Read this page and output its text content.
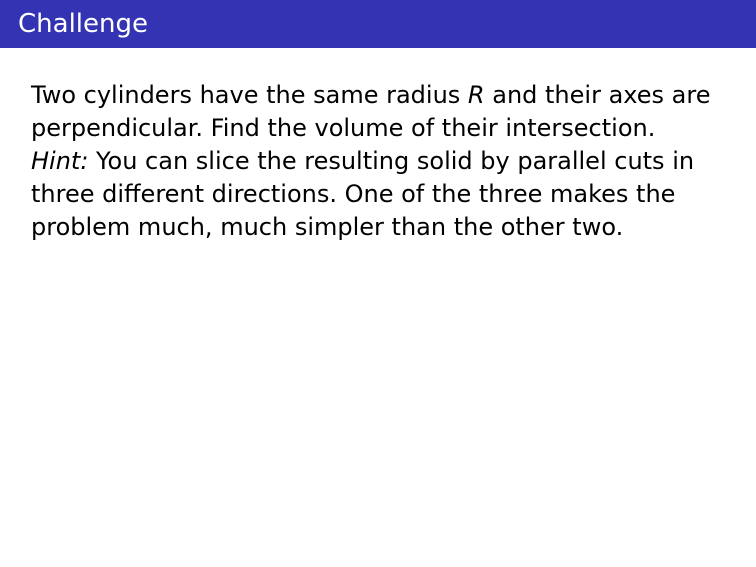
Challenge
Two cylinders have the same radius R and their axes are
perpendicular. Find the volume of their intersection.
Hint: You can slice the resulting solid by parallel cuts in
three different directions. One of the three makes the
problem much, much simpler than the other two.
